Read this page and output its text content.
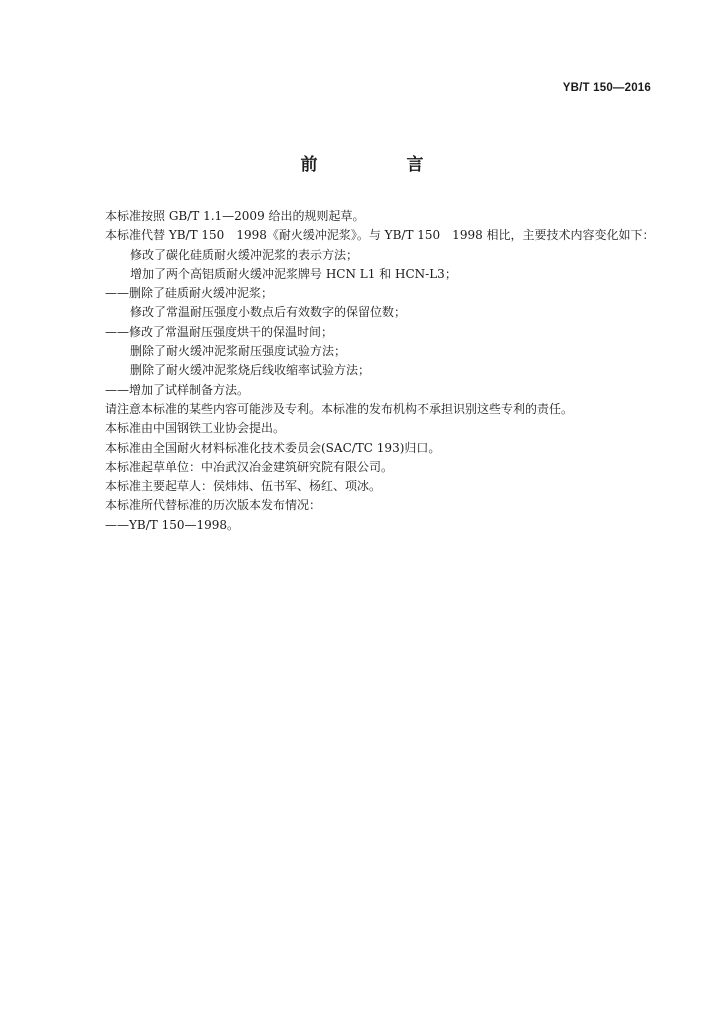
YB/T 150—2016
前　言
本标准按照 GB/T 1.1—2009 给出的规则起草。
本标准代替 YB/T 150　1998《耐火缓冲泥浆》。与 YB/T 150　1998 相比，主要技术内容变化如下：
修改了碳化硅质耐火缓冲泥浆的表示方法；
增加了两个高铝质耐火缓冲泥浆牌号 HCN L1 和 HCN-L3；
——删除了硅质耐火缓冲泥浆；
修改了常温耐压强度小数点后有效数字的保留位数；
——修改了常温耐压强度烘干的保温时间；
删除了耐火缓冲泥浆耐压强度试验方法；
删除了耐火缓冲泥浆烧后线收缩率试验方法；
——增加了试样制备方法。
请注意本标准的某些内容可能涉及专利。本标准的发布机构不承担识别这些专利的责任。
本标准由中国钢铁工业协会提出。
本标准由全国耐火材料标准化技术委员会(SAC/TC 193)归口。
本标准起草单位：中冶武汉冶金建筑研究院有限公司。
本标准主要起草人：侯炜炜、伍书军、杨红、项冰。
本标准所代替标准的历次版本发布情况：
——YB/T 150—1998。
